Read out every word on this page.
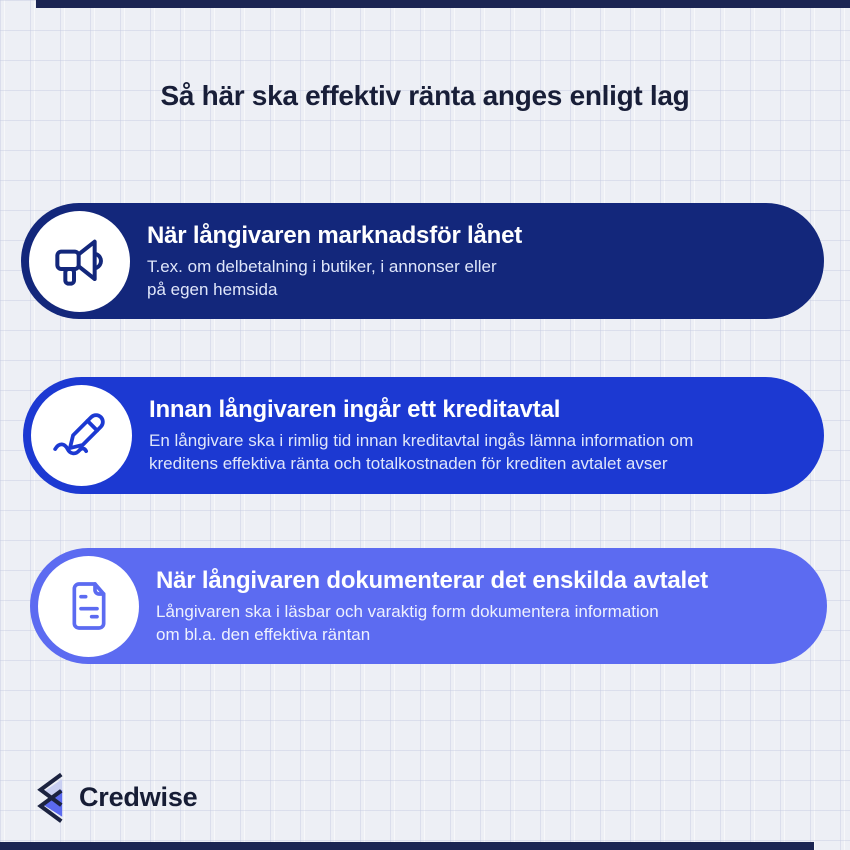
Så här ska effektiv ränta anges enligt lag
När långivaren marknadsför lånet

T.ex. om delbetalning i butiker, i annonser eller

på egen hemsida

Innan långivaren ingår ett kreditavtal

En långivare ska i rimlig tid innan kreditavtal ingås lämna information om

kreditens effektiva ränta och totalkostnaden för krediten avtalet avser

När långivaren dokumenterar det enskilda avtalet

Långivaren ska i läsbar och varaktig form dokumentera information

om bl.a. den effektiva räntan

Credwise
